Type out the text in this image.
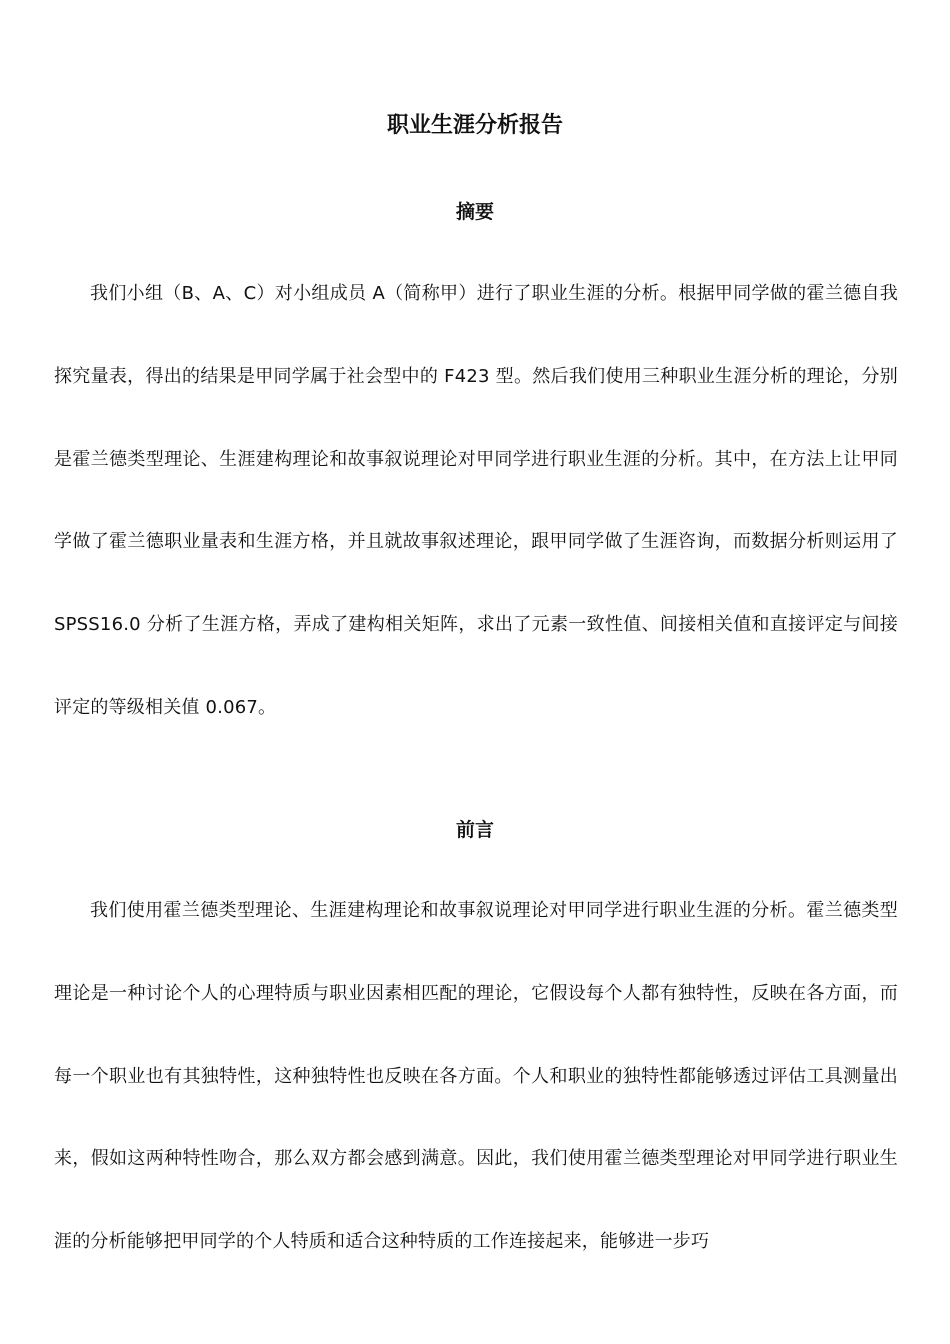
职业生涯分析报告
摘要

我们小组（B、A、C）对小组成员 A（简称甲）进行了职业生涯的分析。根据甲同学做的霍兰德自我探究量表，得出的结果是甲同学属于社会型中的 F423 型。然后我们使用三种职业生涯分析的理论，分别是霍兰德类型理论、生涯建构理论和故事叙说理论对甲同学进行职业生涯的分析。其中，在方法上让甲同学做了霍兰德职业量表和生涯方格，并且就故事叙述理论，跟甲同学做了生涯咨询，而数据分析则运用了 SPSS16.0 分析了生涯方格，弄成了建构相关矩阵，求出了元素一致性值、间接相关值和直接评定与间接评定的等级相关值 0.067。

前言

我们使用霍兰德类型理论、生涯建构理论和故事叙说理论对甲同学进行职业生涯的分析。霍兰德类型理论是一种讨论个人的心理特质与职业因素相匹配的理论，它假设每个人都有独特性，反映在各方面，而每一个职业也有其独特性，这种独特性也反映在各方面。个人和职业的独特性都能够透过评估工具测量出来，假如这两种特性吻合，那么双方都会感到满意。因此，我们使用霍兰德类型理论对甲同学进行职业生涯的分析能够把甲同学的个人特质和适合这种特质的工作连接起来，能够进一步巧
